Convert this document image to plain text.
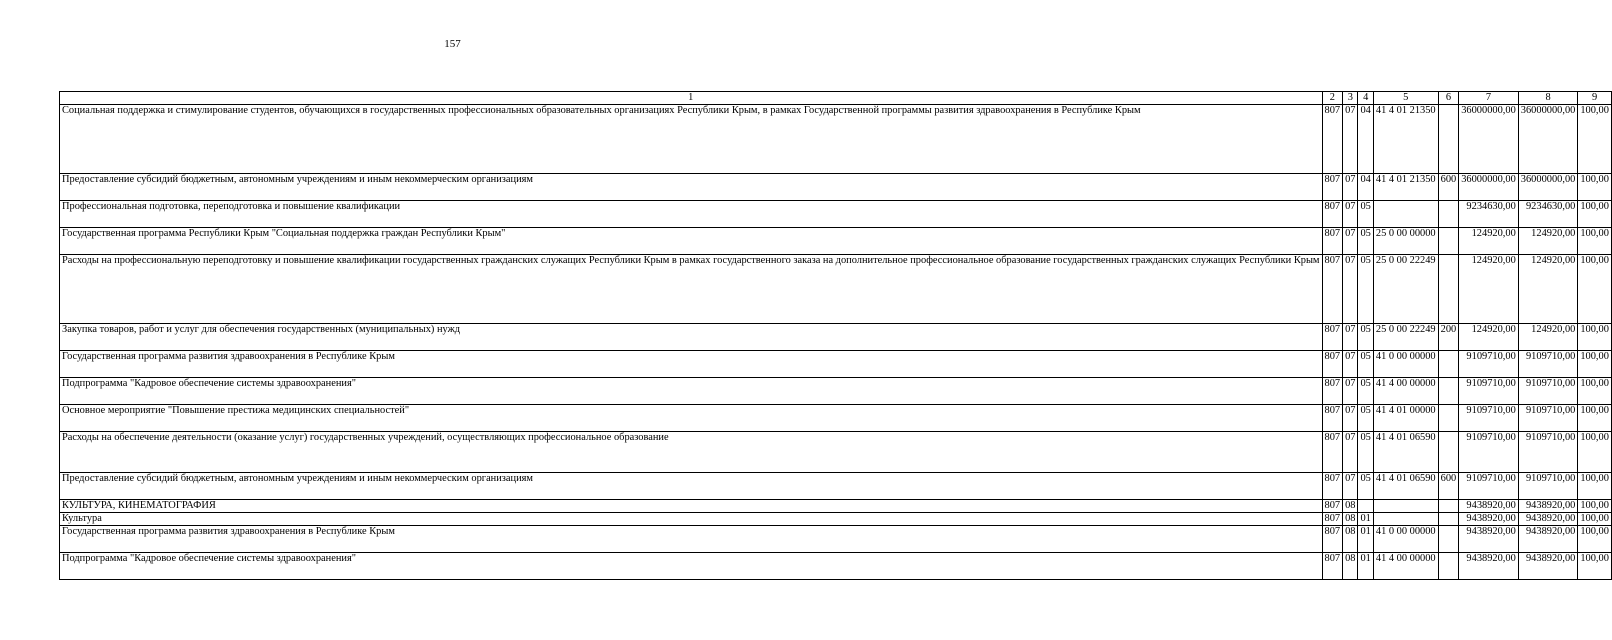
157
1	2	3	4	5	6	7	8	9
Социальная поддержка и стимулирование студентов, обучающихся в государственных профессиональных образовательных организациях Республики Крым, в рамках Государственной программы развития здравоохранения в Республике Крым	807	07	04	41 4 01 21350		36000000,00	36000000,00	100,00
Предоставление субсидий бюджетным, автономным учреждениям и иным некоммерческим организациям	807	07	04	41 4 01 21350	600	36000000,00	36000000,00	100,00
Профессиональная подготовка, переподготовка и повышение квалификации	807	07	05			9234630,00	9234630,00	100,00
Государственная программа Республики Крым "Социальная поддержка граждан Республики Крым"	807	07	05	25 0 00 00000		124920,00	124920,00	100,00
Расходы на профессиональную переподготовку и повышение квалификации государственных гражданских служащих Республики Крым в рамках государственного заказа на дополнительное профессиональное образование государственных гражданских служащих Республики Крым	807	07	05	25 0 00 22249		124920,00	124920,00	100,00
Закупка товаров, работ и услуг для обеспечения государственных (муниципальных) нужд	807	07	05	25 0 00 22249	200	124920,00	124920,00	100,00
Государственная программа развития здравоохранения в Республике Крым	807	07	05	41 0 00 00000		9109710,00	9109710,00	100,00
Подпрограмма "Кадровое обеспечение системы здравоохранения"	807	07	05	41 4 00 00000		9109710,00	9109710,00	100,00
Основное мероприятие "Повышение престижа медицинских специальностей"	807	07	05	41 4 01 00000		9109710,00	9109710,00	100,00
Расходы на обеспечение деятельности (оказание услуг) государственных учреждений, осуществляющих профессиональное образование	807	07	05	41 4 01 06590		9109710,00	9109710,00	100,00
Предоставление субсидий бюджетным, автономным учреждениям и иным некоммерческим организациям	807	07	05	41 4 01 06590	600	9109710,00	9109710,00	100,00
КУЛЬТУРА, КИНЕМАТОГРАФИЯ	807	08				9438920,00	9438920,00	100,00
Культура	807	08	01			9438920,00	9438920,00	100,00
Государственная программа развития здравоохранения в Республике Крым	807	08	01	41 0 00 00000		9438920,00	9438920,00	100,00
Подпрограмма "Кадровое обеспечение системы здравоохранения"	807	08	01	41 4 00 00000		9438920,00	9438920,00	100,00
